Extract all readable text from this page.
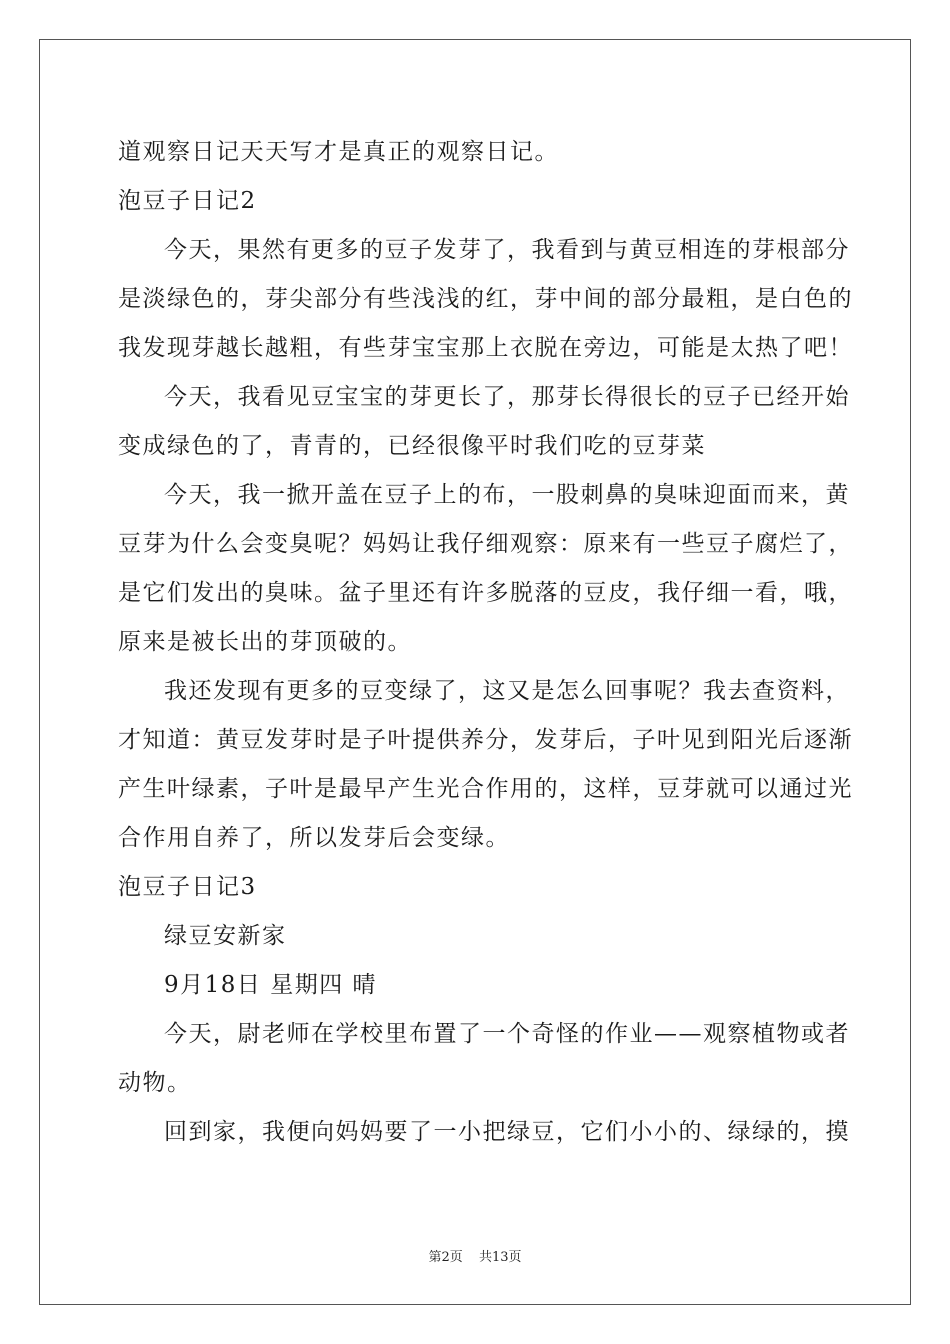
道观察日记天天写才是真正的观察日记。
泡豆子日记2
今天，果然有更多的豆子发芽了，我看到与黄豆相连的芽根部分
是淡绿色的，芽尖部分有些浅浅的红，芽中间的部分最粗，是白色的
我发现芽越长越粗，有些芽宝宝那上衣脱在旁边，可能是太热了吧！
今天，我看见豆宝宝的芽更长了，那芽长得很长的豆子已经开始
变成绿色的了，青青的，已经很像平时我们吃的豆芽菜
今天，我一掀开盖在豆子上的布，一股刺鼻的臭味迎面而来，黄
豆芽为什么会变臭呢？妈妈让我仔细观察：原来有一些豆子腐烂了，
是它们发出的臭味。盆子里还有许多脱落的豆皮，我仔细一看，哦，
原来是被长出的芽顶破的。
我还发现有更多的豆变绿了，这又是怎么回事呢？我去查资料，
才知道：黄豆发芽时是子叶提供养分，发芽后，子叶见到阳光后逐渐
产生叶绿素，子叶是最早产生光合作用的，这样，豆芽就可以通过光
合作用自养了，所以发芽后会变绿。
泡豆子日记3
绿豆安新家
9月18日 星期四 晴
今天，尉老师在学校里布置了一个奇怪的作业——观察植物或者
动物。
回到家，我便向妈妈要了一小把绿豆，它们小小的、绿绿的，摸
第2页 共13页
